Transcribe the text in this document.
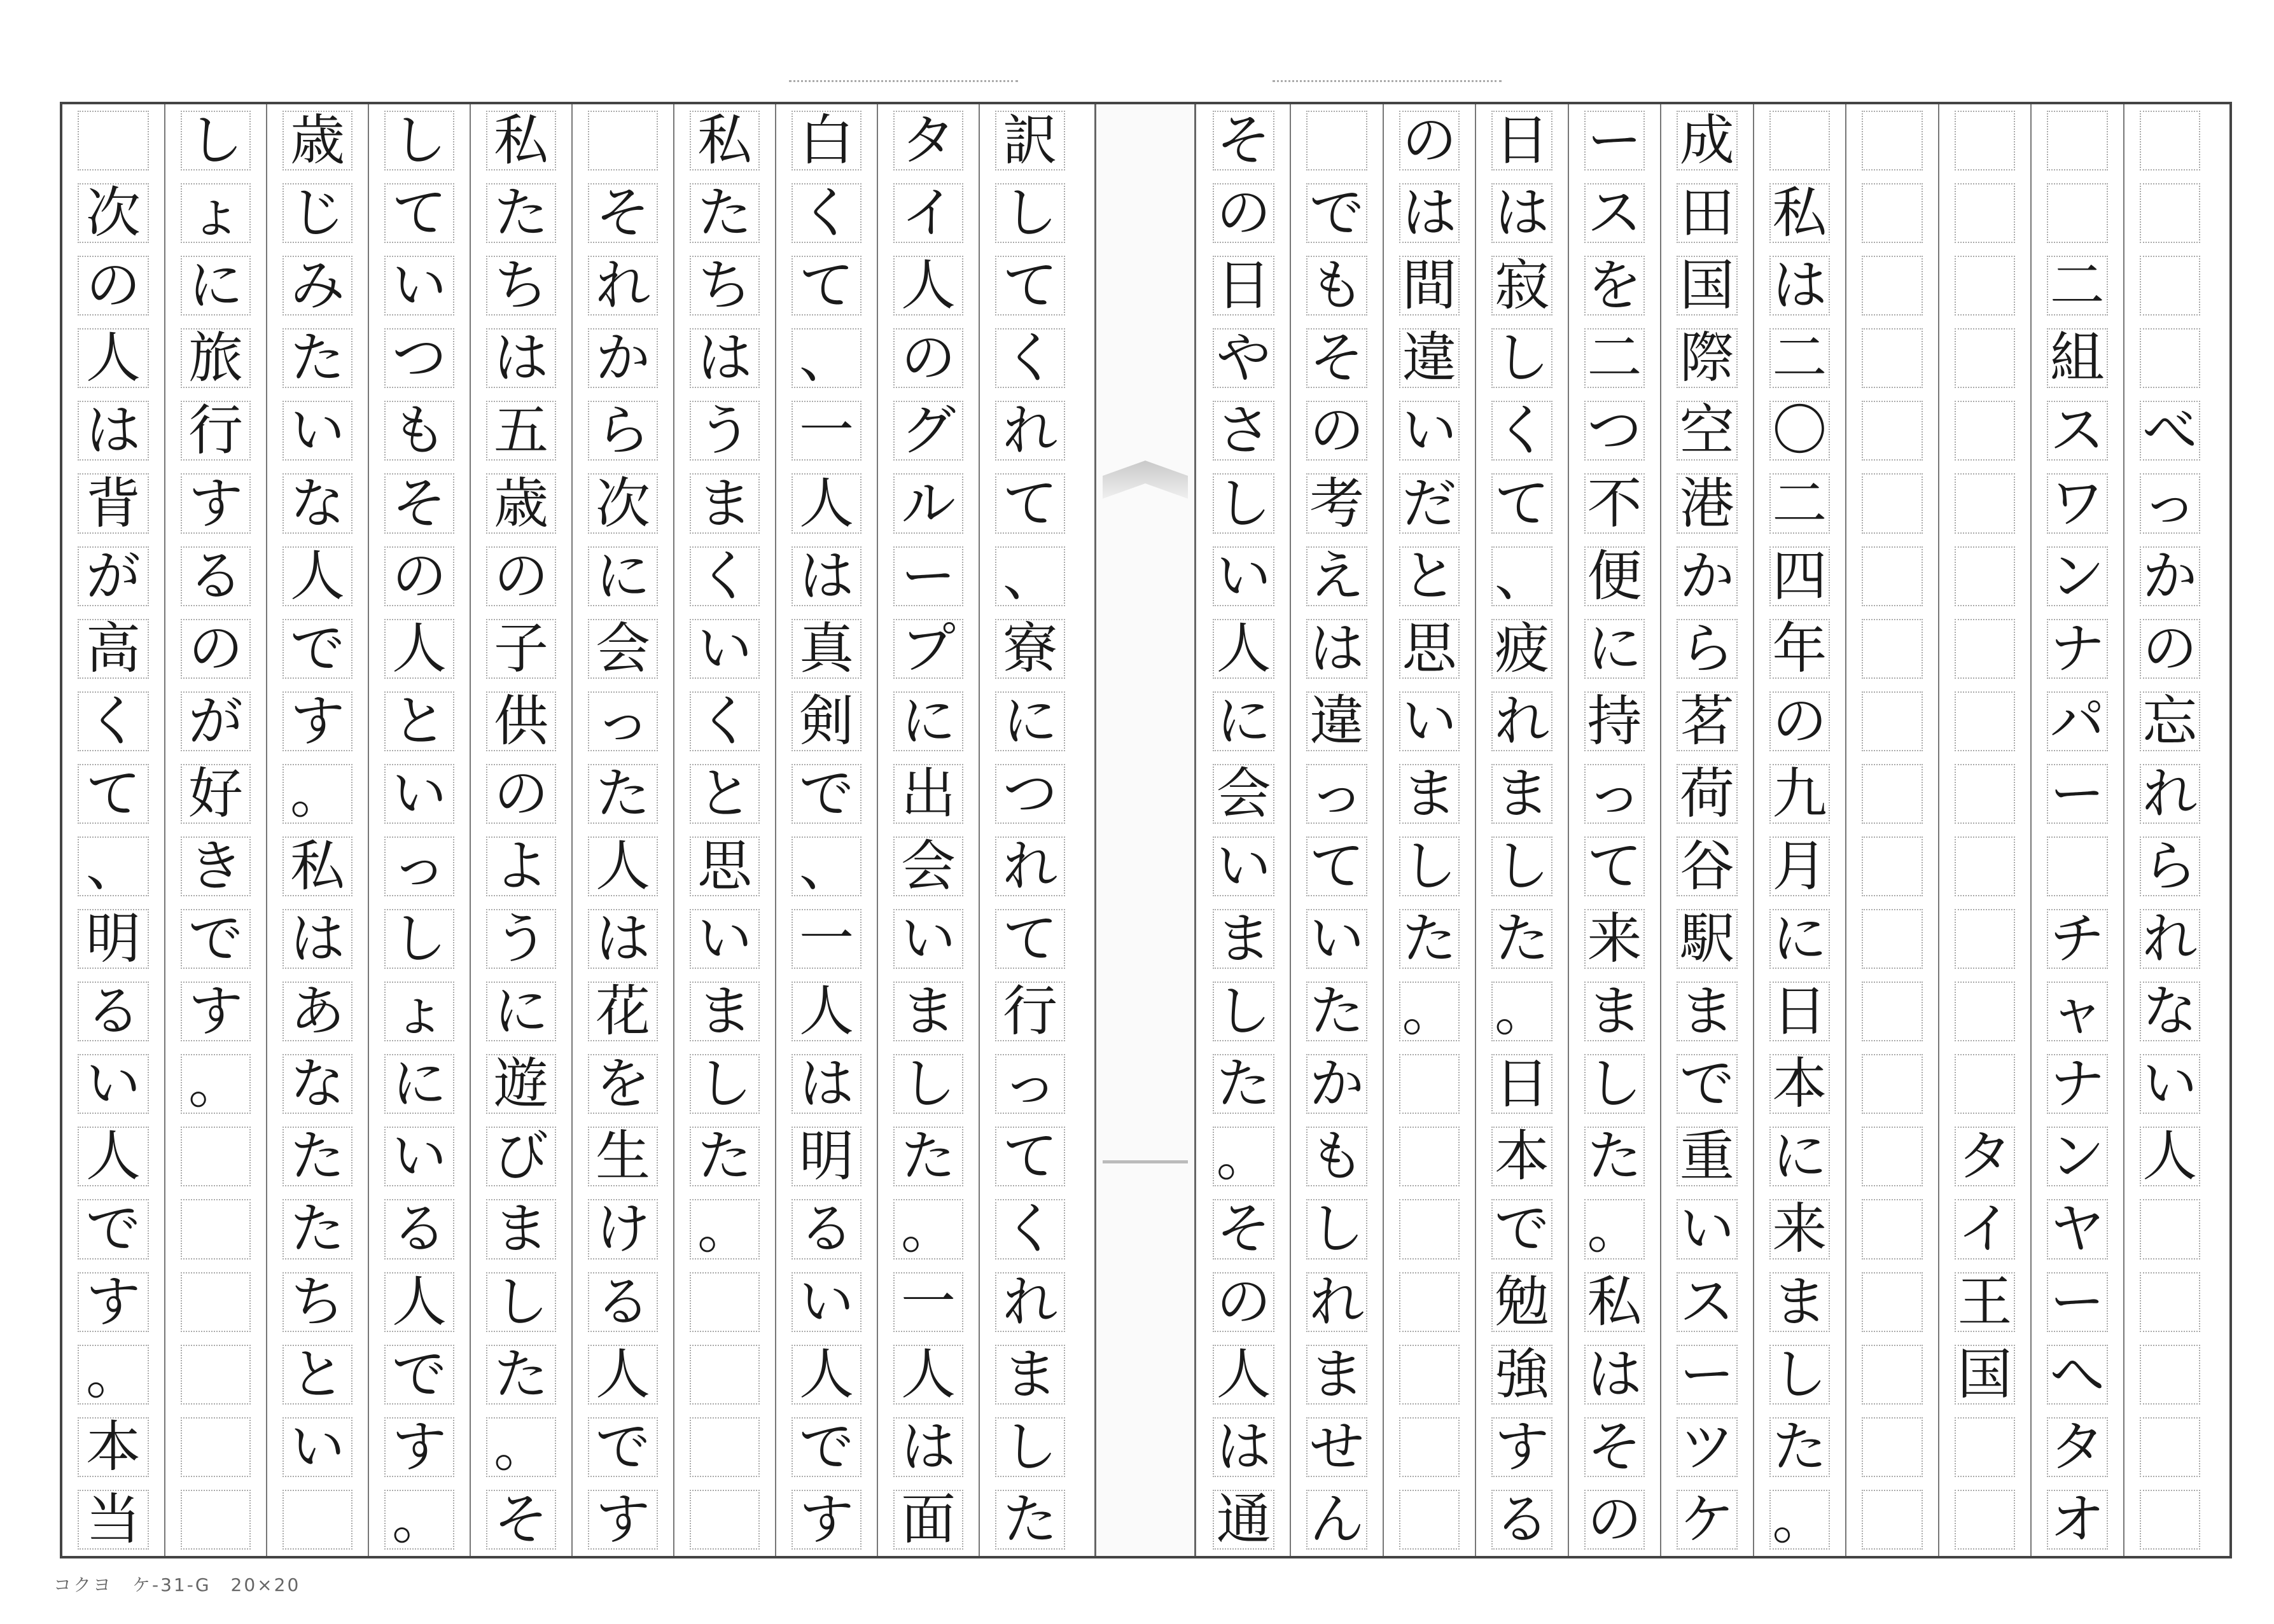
訳
し
て
く
れ
て
、
寮
に
つ
れ
て
行
っ
て
く
れ
ま
し
た
タ
イ
人
の
グ
ル
ー
プ
に
出
会
い
ま
し
た
。
一
人
は
面
白
く
て
、
一
人
は
真
剣
で
、
一
人
は
明
る
い
人
で
す
私
た
ち
は
う
ま
く
い
く
と
思
い
ま
し
た
。
そ
れ
か
ら
次
に
会
っ
た
人
は
花
を
生
け
る
人
で
す
私
た
ち
は
五
歳
の
子
供
の
よ
う
に
遊
び
ま
し
た
。
そ
し
て
い
つ
も
そ
の
人
と
い
っ
し
ょ
に
い
る
人
で
す
。
歳
じ
み
た
い
な
人
で
す
。
私
は
あ
な
た
た
ち
と
い
し
ょ
に
旅
行
す
る
の
が
好
き
で
す
。
次
の
人
は
背
が
高
く
て
、
明
る
い
人
で
す
。
本
当
べ
っ
か
の
忘
れ
ら
れ
な
い
人
二
組
ス
ワ
ン
ナ
パ
ー
チ
ャ
ナ
ン
ヤ
ー
へ
タ
オ
タ
イ
王
国
私
は
二
〇
二
四
年
の
九
月
に
日
本
に
来
ま
し
た
。
成
田
国
際
空
港
か
ら
茗
荷
谷
駅
ま
で
重
い
ス
ー
ツ
ケ
ー
ス
を
二
つ
不
便
に
持
っ
て
来
ま
し
た
。
私
は
そ
の
日
は
寂
し
く
て
、
疲
れ
ま
し
た
。
日
本
で
勉
強
す
る
の
は
間
違
い
だ
と
思
い
ま
し
た
。
で
も
そ
の
考
え
は
違
っ
て
い
た
か
も
し
れ
ま
せ
ん
そ
の
日
や
さ
し
い
人
に
会
い
ま
し
た
。
そ
の
人
は
通
コクヨ　ケ-31-G　20×20
